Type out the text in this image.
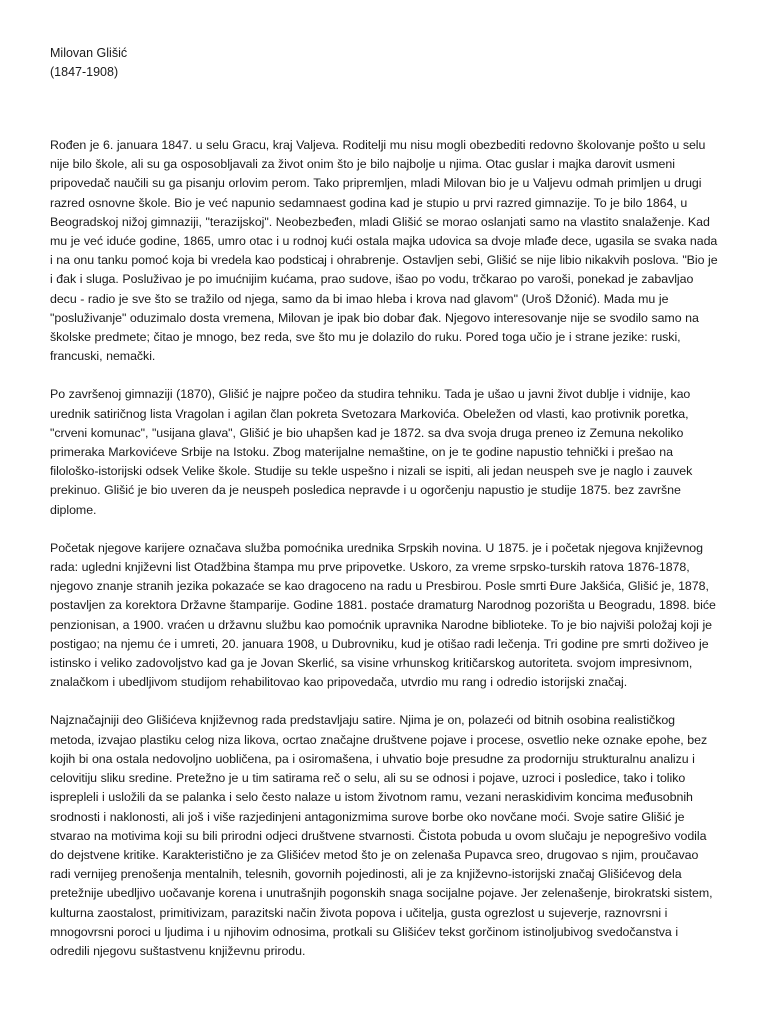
Milovan Glišić

(1847-1908)

Rođen je 6. januara 1847. u selu Gracu, kraj Valjeva. Roditelji mu nisu mogli obezbediti redovno školovanje pošto u selu nije bilo škole, ali su ga osposobljavali za život onim što je bilo najbolje u njima. Otac guslar i majka darovit usmeni pripovedač naučili su ga pisanju orlovim perom. Tako pripremljen, mladi Milovan bio je u Valjevu odmah primljen u drugi razred osnovne škole. Bio je već napunio sedamnaest godina kad je stupio u prvi razred gimnazije. To je bilo 1864, u Beogradskoj nižoj gimnaziji, "terazijskoj". Neobezbeđen, mladi Glišić se morao oslanjati samo na vlastito snalaženje. Kad mu je već iduće godine, 1865, umro otac i u rodnoj kući ostala majka udovica sa dvoje mlađe dece, ugasila se svaka nada i na onu tanku pomoć koja bi vredela kao podsticaj i ohrabrenje. Ostavljen sebi, Glišić se nije libio nikakvih poslova. "Bio je i đak i sluga. Posluživao je po imućnijim kućama, prao sudove, išao po vodu, trčkarao po varoši, ponekad je zabavljao decu - radio je sve što se tražilo od njega, samo da bi imao hleba i krova nad glavom" (Uroš Džonić). Mada mu je "posluživanje" oduzimalo dosta vremena, Milovan je ipak bio dobar đak. Njegovo interesovanje nije se svodilo samo na školske predmete; čitao je mnogo, bez reda, sve što mu je dolazilo do ruku. Pored toga učio je i strane jezike: ruski, francuski, nemački.

Po završenoj gimnaziji (1870), Glišić je najpre počeo da studira tehniku. Tada je ušao u javni život dublje i vidnije, kao urednik satiričnog lista Vragolan i agilan član pokreta Svetozara Markovića. Obeležen od vlasti, kao protivnik poretka, "crveni komunac", "usijana glava", Glišić je bio uhapšen kad je 1872. sa dva svoja druga preneo iz Zemuna nekoliko primeraka Markovićeve Srbije na Istoku. Zbog materijalne nemaštine, on je te godine napustio tehnički i prešao na filološko-istorijski odsek Velike škole. Studije su tekle uspešno i nizali se ispiti, ali jedan neuspeh sve je naglo i zauvek prekinuo. Glišić je bio uveren da je neuspeh posledica nepravde i u ogorčenju napustio je studije 1875. bez završne diplome.

Početak njegove karijere označava služba pomoćnika urednika Srpskih novina. U 1875. je i početak njegova književnog rada: ugledni književni list Otadžbina štampa mu prve pripovetke. Uskoro, za vreme srpsko-turskih ratova 1876-1878, njegovo znanje stranih jezika pokazaće se kao dragoceno na radu u Presbirou. Posle smrti Đure Jakšića, Glišić je, 1878, postavljen za korektora Državne štamparije. Godine 1881. postaće dramaturg Narodnog pozorišta u Beogradu, 1898. biće penzionisan, a 1900. vraćen u državnu službu kao pomoćnik upravnika Narodne biblioteke. To je bio najviši položaj koji je postigao; na njemu će i umreti, 20. januara 1908, u Dubrovniku, kud je otišao radi lečenja. Tri godine pre smrti doživeo je istinsko i veliko zadovoljstvo kad ga je Jovan Skerlić, sa visine vrhunskog kritičarskog autoriteta. svojom impresivnom, znalačkom i ubedljivom studijom rehabilitovao kao pripovedača, utvrdio mu rang i odredio istorijski značaj.

Najznačajniji deo Glišićeva književnog rada predstavljaju satire. Njima je on, polazeći od bitnih osobina realističkog metoda, izvajao plastiku celog niza likova, ocrtao značajne društvene pojave i procese, osvetlio neke oznake epohe, bez kojih bi ona ostala nedovoljno uobličena, pa i osiromašena, i uhvatio boje presudne za prodorniju strukturalnu analizu i celovitiju sliku sredine. Pretežno je u tim satirama reč o selu, ali su se odnosi i pojave, uzroci i posledice, tako i toliko isprepleli i usložili da se palanka i selo često nalaze u istom životnom ramu, vezani neraskidivim koncima međusobnih srodnosti i naklonosti, ali još i više razjedinjeni antagonizmima surove borbe oko novčane moći. Svoje satire Glišić je stvarao na motivima koji su bili prirodni odjeci društvene stvarnosti. Čistota pobuda u ovom slučaju je nepogrešivo vodila do dejstvene kritike. Karakteristično je za Glišićev metod što je on zelenaša Pupavca sreo, drugovao s njim, proučavao radi vernijeg prenošenja mentalnih, telesnih, govornih pojedinosti, ali je za književno-istorijski značaj Glišićevog dela pretežnije ubedljivo uočavanje korena i unutrašnjih pogonskih snaga socijalne pojave. Jer zelenašenje, birokratski sistem, kulturna zaostalost, primitivizam, parazitski način života popova i učitelja, gusta ogrezlost u sujeverje, raznovrsni i mnogovrsni poroci u ljudima i u njihovim odnosima, protkali su Glišićev tekst gorčinom istinoljubivog svedočanstva i odredili njegovu suštastvenu književnu prirodu.
